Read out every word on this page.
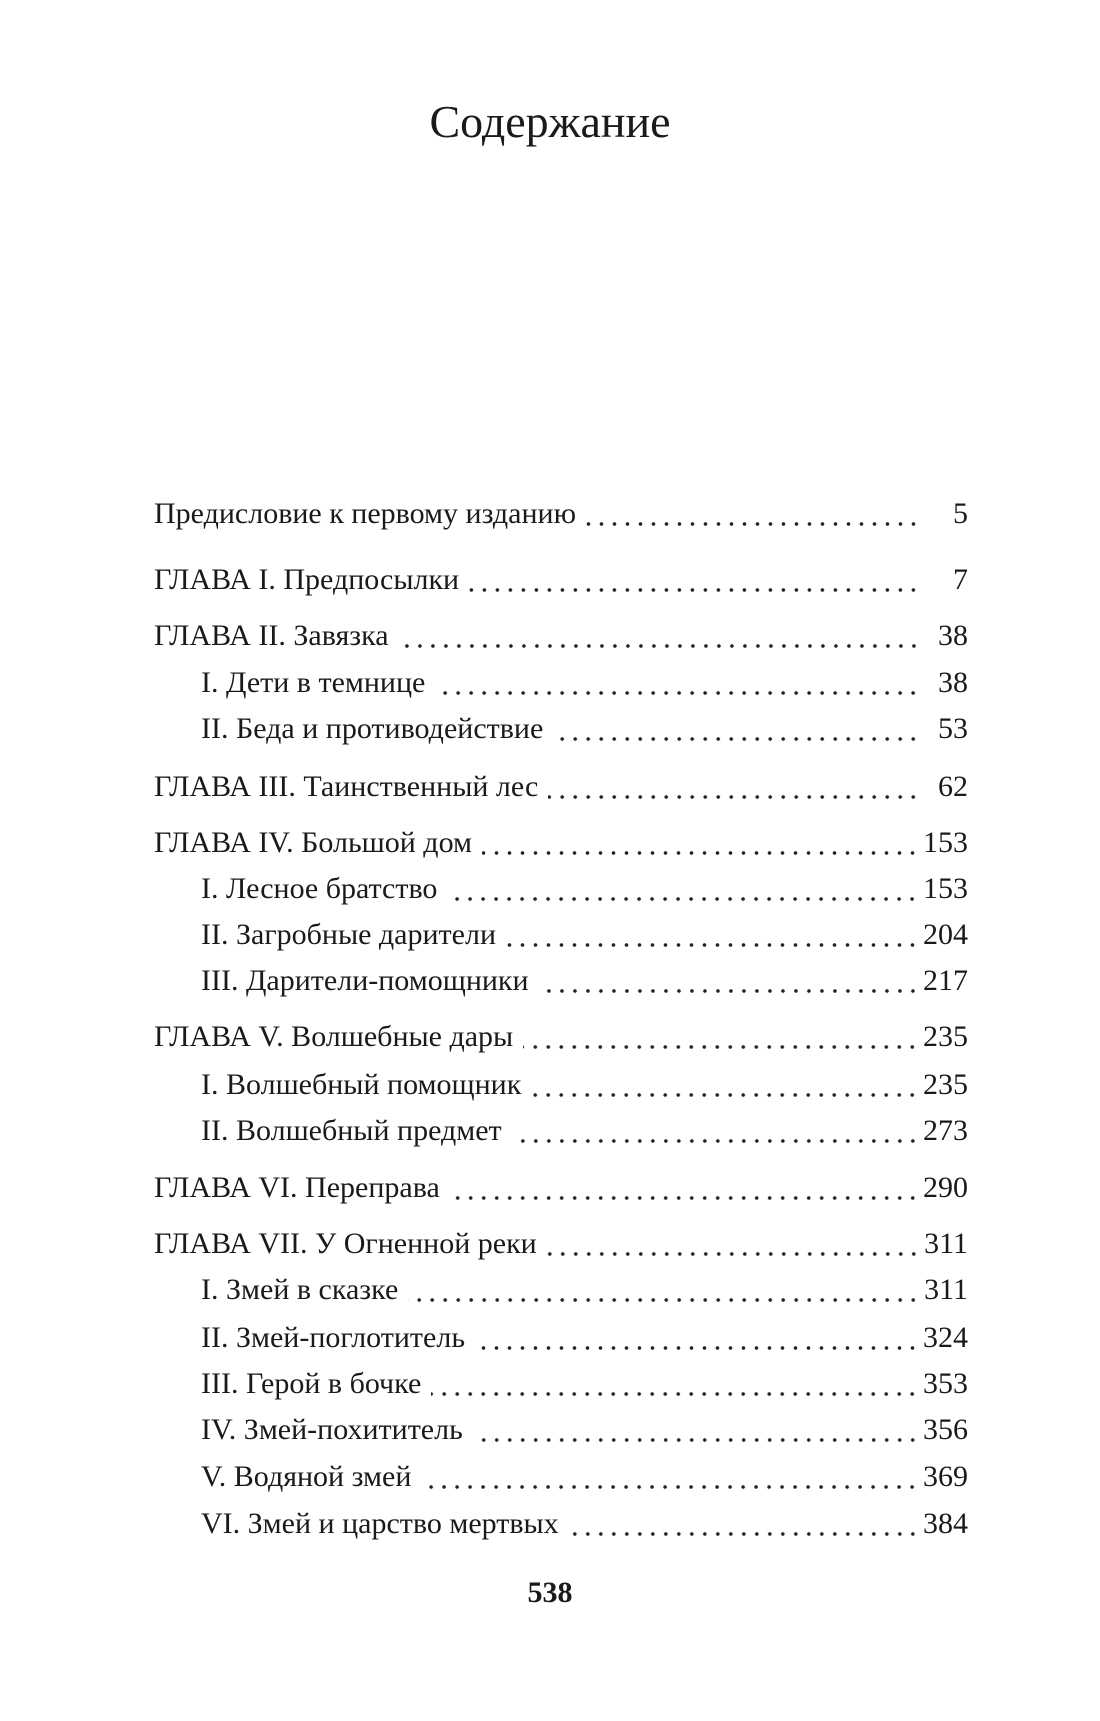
Содержание
Предисловие к первому изданию	5
ГЛАВА I. Предпосылки	7
ГЛАВА II. Завязка	38
I. Дети в темнице	38
II. Беда и противодействие	53
ГЛАВА III. Таинственный лес	62
ГЛАВА IV. Большой дом	153
I. Лесное братство	153
II. Загробные дарители	204
III. Дарители-помощники	217
ГЛАВА V. Волшебные дары	235
I. Волшебный помощник	235
II. Волшебный предмет	273
ГЛАВА VI. Переправа	290
ГЛАВА VII. У Огненной реки	311
I. Змей в сказке	311
II. Змей-поглотитель	324
III. Герой в бочке	353
IV. Змей-похититель	356
V. Водяной змей	369
VI. Змей и царство мертвых	384
538
